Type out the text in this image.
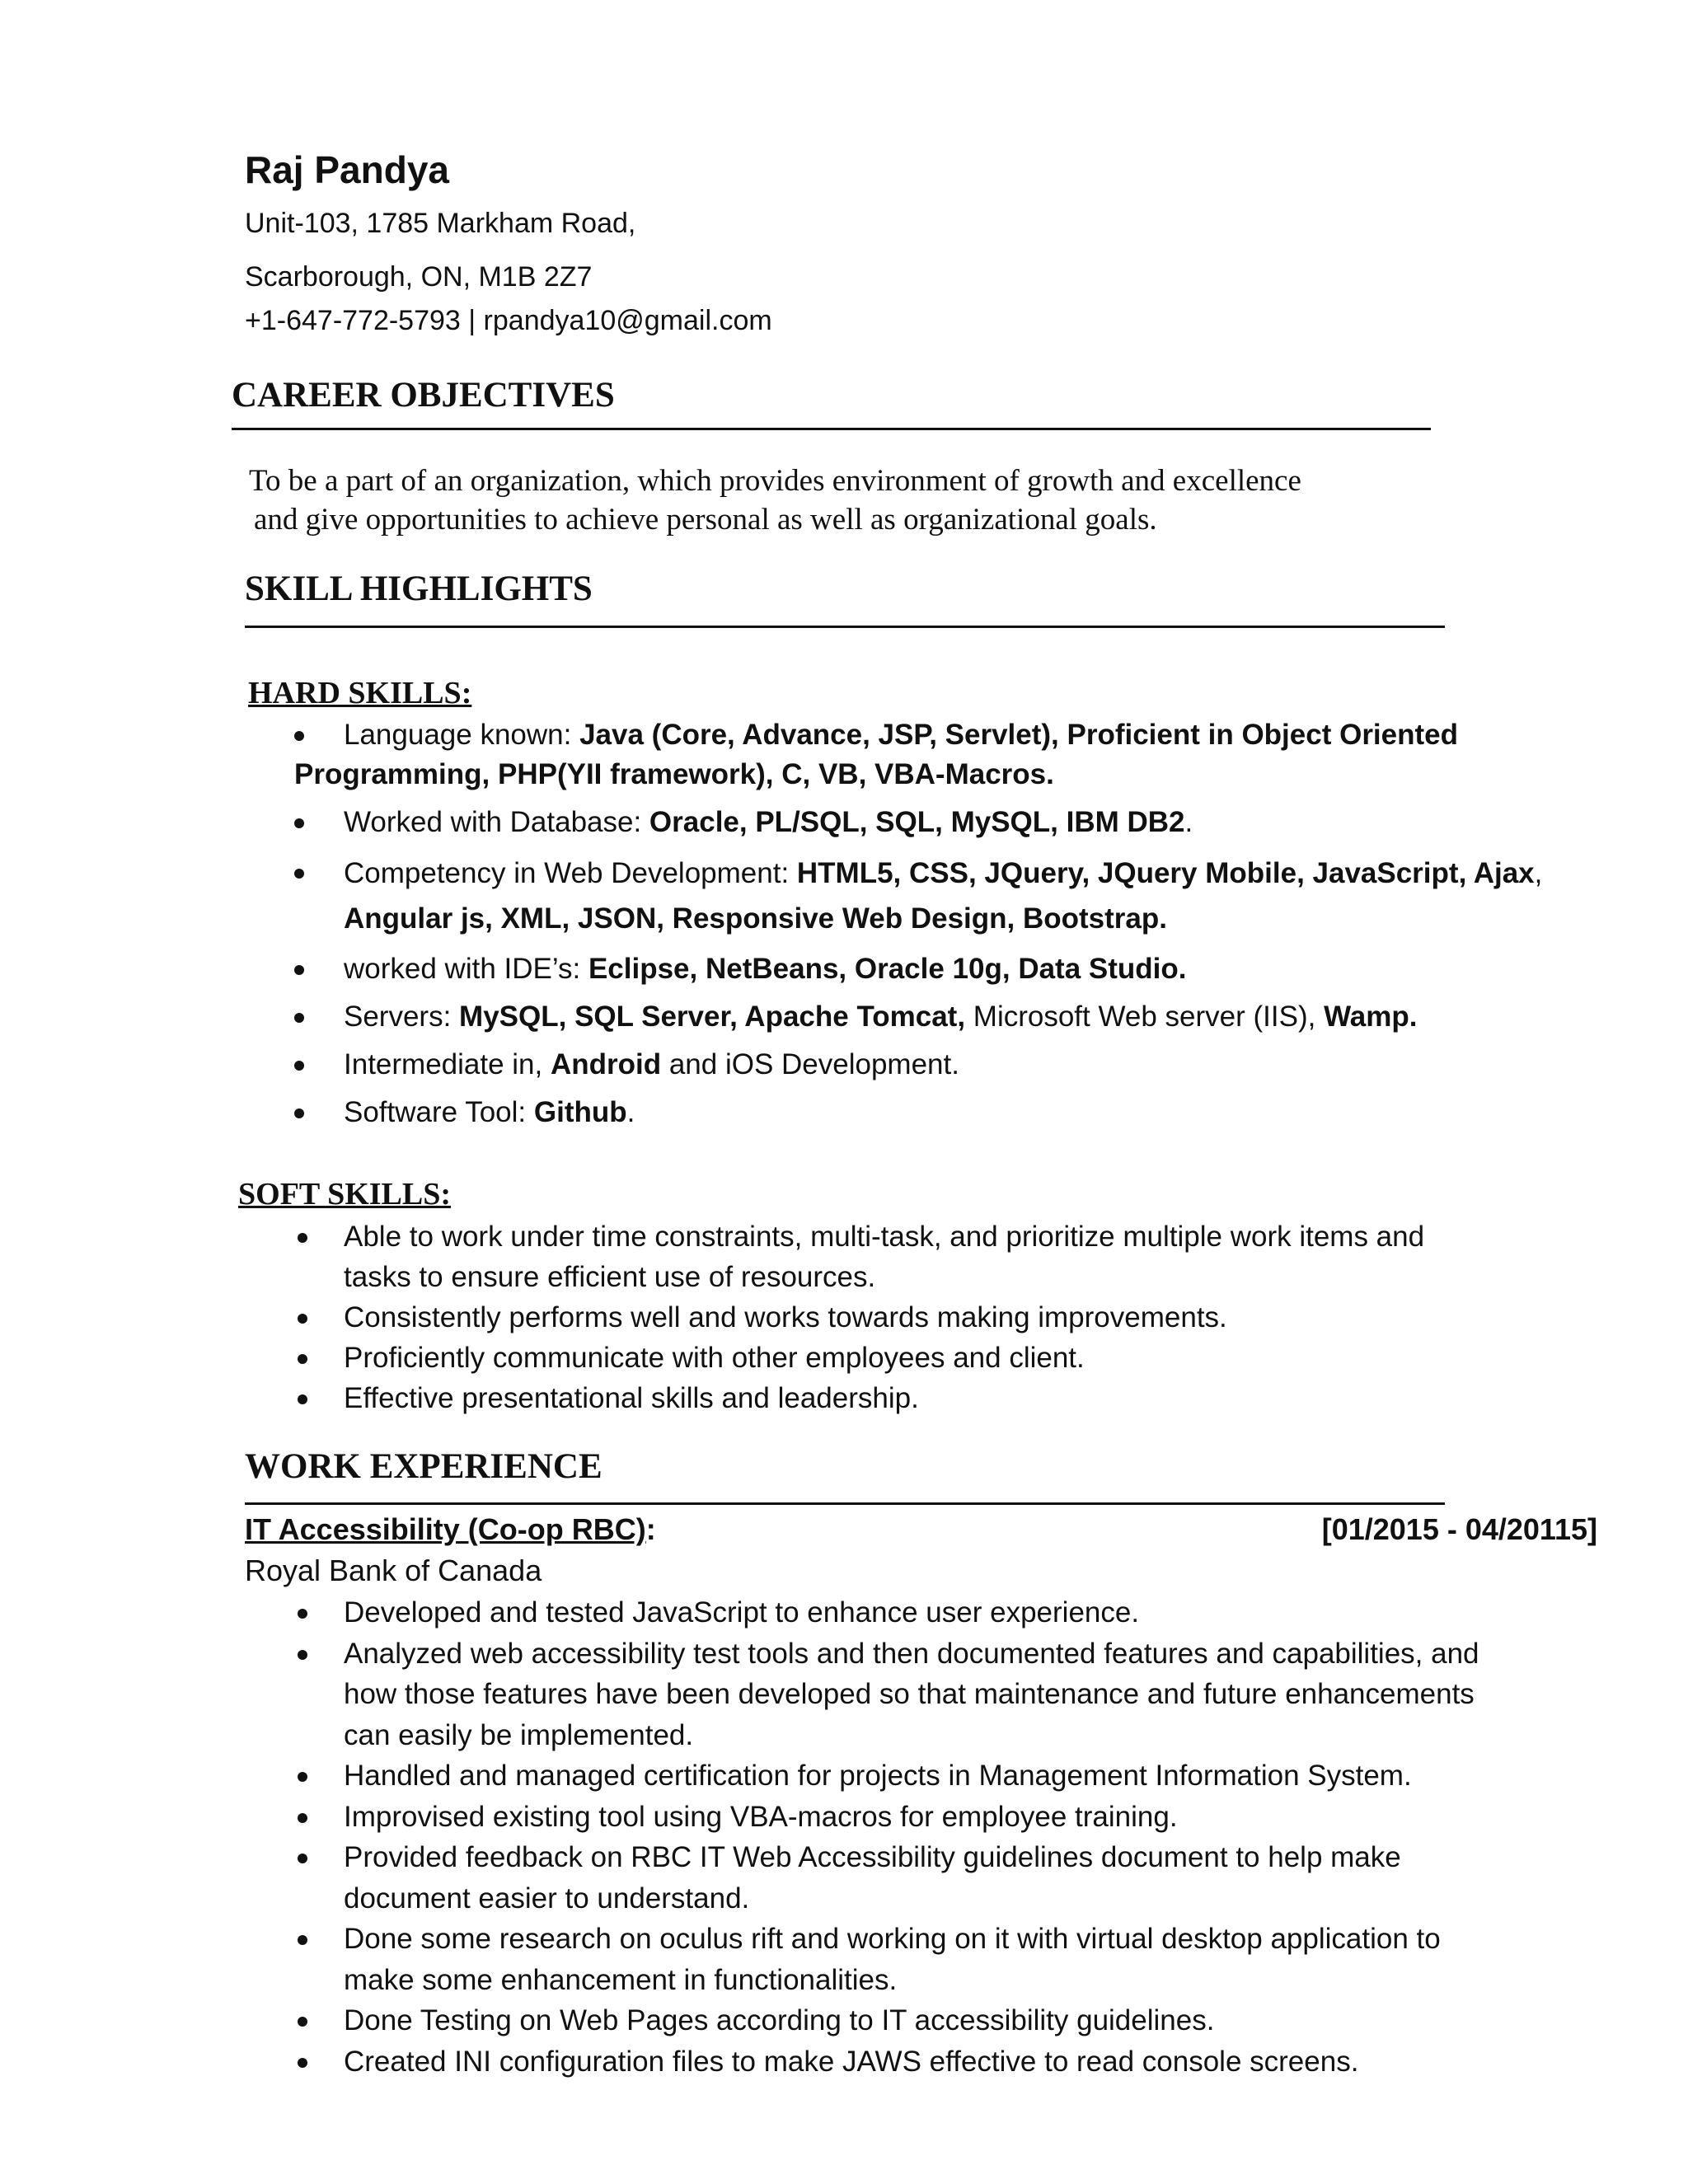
Raj Pandya
Unit-103, 1785 Markham Road,
Scarborough, ON, M1B 2Z7
+1-647-772-5793 | rpandya10@gmail.com
CAREER OBJECTIVES
To be a part of an organization, which provides environment of growth and excellence
and give opportunities to achieve personal as well as organizational goals.
SKILL HIGHLIGHTS
HARD SKILLS:
Language known: Java (Core, Advance, JSP, Servlet), Proficient in Object Oriented Programming, PHP(YII framework), C, VB, VBA-Macros.
Worked with Database: Oracle, PL/SQL, SQL, MySQL, IBM DB2.
Competency in Web Development: HTML5, CSS, JQuery, JQuery Mobile, JavaScript, Ajax, Angular js, XML, JSON, Responsive Web Design, Bootstrap.
worked with IDE’s: Eclipse, NetBeans, Oracle 10g, Data Studio.
Servers: MySQL, SQL Server, Apache Tomcat, Microsoft Web server (IIS), Wamp.
Intermediate in, Android and iOS Development.
Software Tool: Github.
SOFT SKILLS:
Able to work under time constraints, multi-task, and prioritize multiple work items and tasks to ensure efficient use of resources.
Consistently performs well and works towards making improvements.
Proficiently communicate with other employees and client.
Effective presentational skills and leadership.
WORK EXPERIENCE
IT Accessibility (Co-op RBC):	[01/2015 - 04/20115]
Royal Bank of Canada
Developed and tested JavaScript to enhance user experience.
Analyzed web accessibility test tools and then documented features and capabilities, and how those features have been developed so that maintenance and future enhancements can easily be implemented.
Handled and managed certification for projects in Management Information System.
Improvised existing tool using VBA-macros for employee training.
Provided feedback on RBC IT Web Accessibility guidelines document to help make document easier to understand.
Done some research on oculus rift and working on it with virtual desktop application to make some enhancement in functionalities.
Done Testing on Web Pages according to IT accessibility guidelines.
Created INI configuration files to make JAWS effective to read console screens.
